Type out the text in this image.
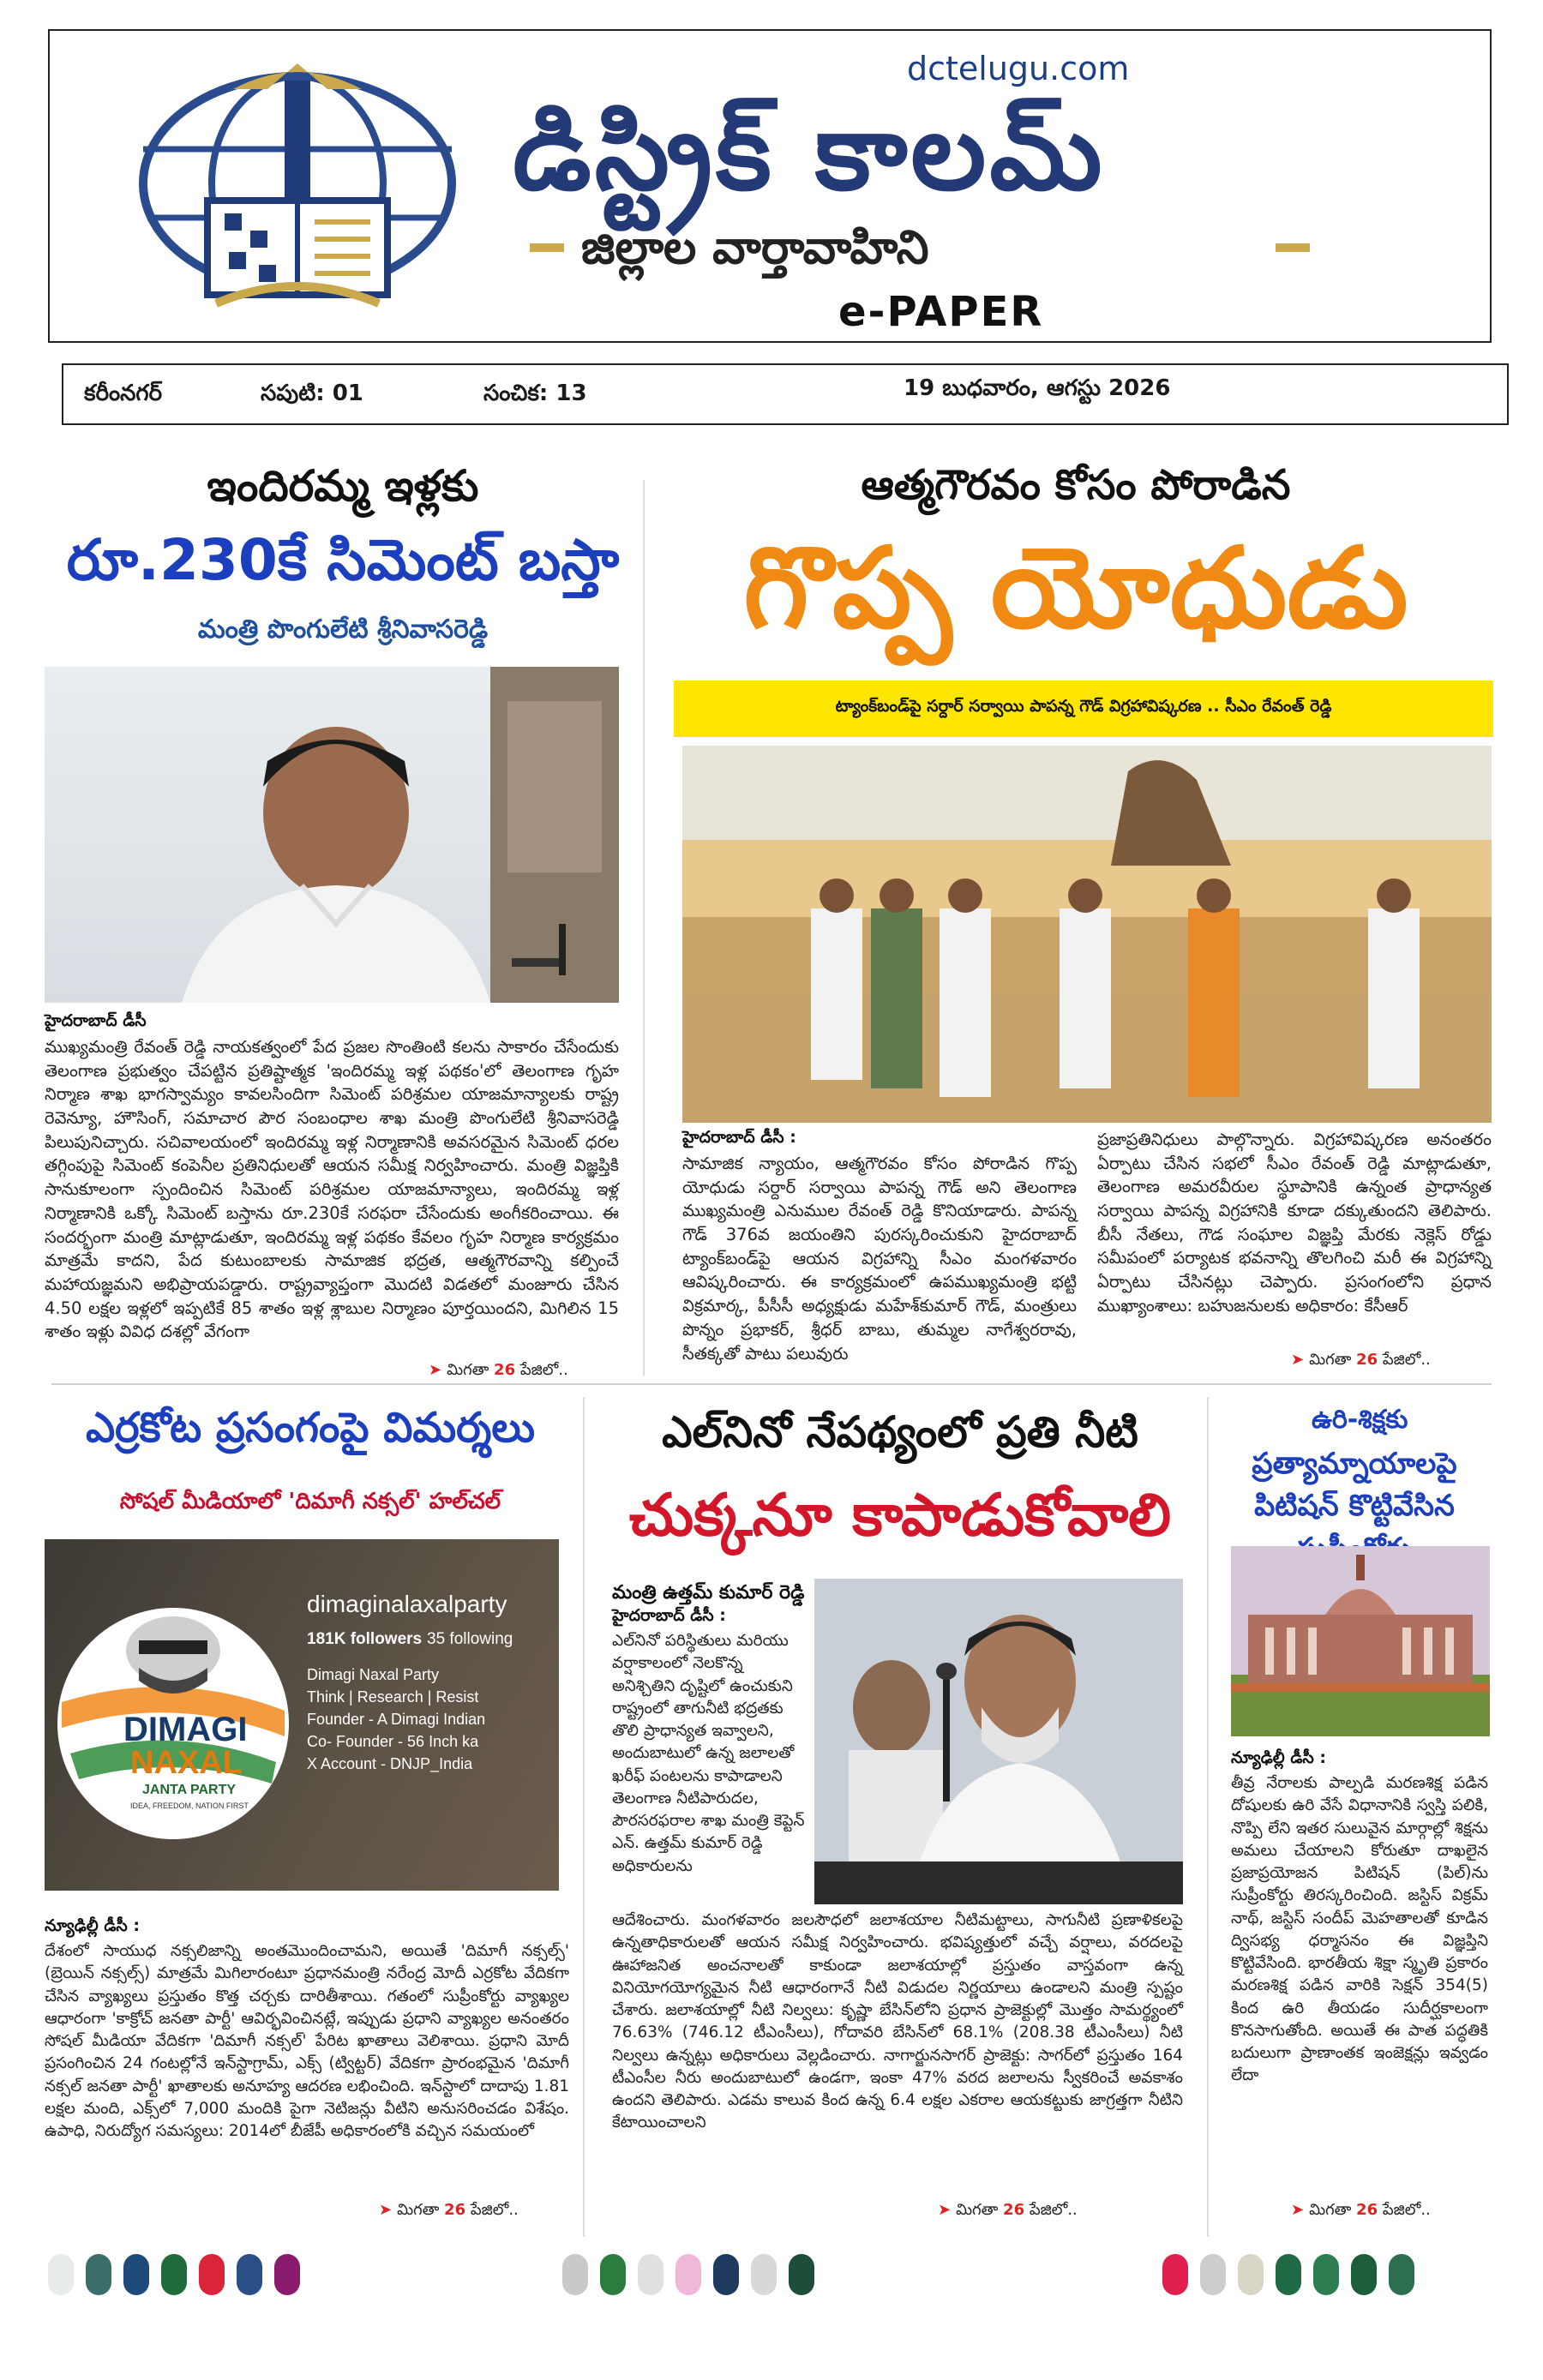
dctelugu.com
డిస్ట్రిక్ కాలమ్
జిల్లాల వార్తావాహిని
e-PAPER
కరీంనగర్	సపుటి: 01	సంచిక: 13	19 బుధవారం, ఆగస్టు 2026
ఇందిరమ్మ ఇళ్లకు
రూ.230కే సిమెంట్ బస్తా
మంత్రి పొంగులేటి శ్రీనివాసరెడ్డి
హైదరాబాద్ డీసీ
ముఖ్యమంత్రి రేవంత్ రెడ్డి నాయకత్వంలో పేద ప్రజల సొంతింటి కలను సాకారం చేసేందుకు తెలంగాణ ప్రభుత్వం చేపట్టిన ప్రతిష్టాత్మక 'ఇందిరమ్మ ఇళ్ల పథకం'లో తెలంగాణ గృహ నిర్మాణ శాఖ భాగస్వామ్యం కావలసిందిగా సిమెంట్ పరిశ్రమల యాజమాన్యాలకు రాష్ట్ర రెవెన్యూ, హౌసింగ్, సమాచార పౌర సంబంధాల శాఖ మంత్రి పొంగులేటి శ్రీనివాసరెడ్డి పిలుపునిచ్చారు. సచివాలయంలో ఇందిరమ్మ ఇళ్ల నిర్మాణానికి అవసరమైన సిమెంట్ ధరల తగ్గింపుపై సిమెంట్ కంపెనీల ప్రతినిధులతో ఆయన సమీక్ష నిర్వహించారు. మంత్రి విజ్ఞప్తికి సానుకూలంగా స్పందించిన సిమెంట్ పరిశ్రమల యాజమాన్యాలు, ఇందిరమ్మ ఇళ్ల నిర్మాణానికి ఒక్కో సిమెంట్ బస్తాను రూ.230కే సరఫరా చేసేందుకు అంగీకరించాయి. ఈ సందర్భంగా మంత్రి మాట్లాడుతూ, ఇందిరమ్మ ఇళ్ల పథకం కేవలం గృహ నిర్మాణ కార్యక్రమం మాత్రమే కాదని, పేద కుటుంబాలకు సామాజిక భద్రత, ఆత్మగౌరవాన్ని కల్పించే మహాయజ్ఞమని అభిప్రాయపడ్డారు. రాష్ట్రవ్యాప్తంగా మొదటి విడతలో మంజూరు చేసిన 4.50 లక్షల ఇళ్లలో ఇప్పటికే 85 శాతం ఇళ్ల శ్లాబుల నిర్మాణం పూర్తయిందని, మిగిలిన 15 శాతం ఇళ్లు వివిధ దశల్లో వేగంగా
➤ మిగతా 26 పేజిలో..
ఆత్మగౌరవం కోసం పోరాడిన
గొప్ప యోధుడు
ట్యాంక్‌బండ్‌పై సర్దార్ సర్వాయి పాపన్న గౌడ్ విగ్రహావిష్కరణ .. సీఎం రేవంత్ రెడ్డి
హైదరాబాద్ డీసీ :
సామాజిక న్యాయం, ఆత్మగౌరవం కోసం పోరాడిన గొప్ప యోధుడు సర్దార్ సర్వాయి పాపన్న గౌడ్ అని తెలంగాణ ముఖ్యమంత్రి ఎనుముల రేవంత్ రెడ్డి కొనియాడారు. పాపన్న గౌడ్ 376వ జయంతిని పురస్కరించుకుని హైదరాబాద్ ట్యాంక్‌బండ్‌పై ఆయన విగ్రహాన్ని సీఎం మంగళవారం ఆవిష్కరించారు. ఈ కార్యక్రమంలో ఉపముఖ్యమంత్రి భట్టి విక్రమార్క, పీసీసీ అధ్యక్షుడు మహేశ్‌కుమార్ గౌడ్, మంత్రులు పొన్నం ప్రభాకర్, శ్రీధర్ బాబు, తుమ్మల నాగేశ్వరరావు, సీతక్కతో పాటు పలువురు
ప్రజాప్రతినిధులు పాల్గొన్నారు. విగ్రహావిష్కరణ అనంతరం ఏర్పాటు చేసిన సభలో సీఎం రేవంత్ రెడ్డి మాట్లాడుతూ, తెలంగాణ అమరవీరుల స్థూపానికి ఉన్నంత ప్రాధాన్యత సర్వాయి పాపన్న విగ్రహానికి కూడా దక్కుతుందని తెలిపారు. బీసీ నేతలు, గౌడ సంఘాల విజ్ఞప్తి మేరకు నెక్లెస్ రోడ్డు సమీపంలో పర్యాటక భవనాన్ని తొలగించి మరీ ఈ విగ్రహాన్ని ఏర్పాటు చేసినట్లు చెప్పారు. ప్రసంగంలోని ప్రధాన ముఖ్యాంశాలు: బహుజనులకు అధికారం: కేసీఆర్
➤ మిగతా 26 పేజిలో..
ఎర్రకోట ప్రసంగంపై విమర్శలు
సోషల్ మీడియాలో 'దిమాగీ నక్సల్' హల్‌చల్
DIMAGI
NAXAL
JANTA PARTY
IDEA, FREEDOM, NATION FIRST
dimaginalaxalparty
181K followers 35 following
Dimagi Naxal Party
Think | Research | Resist
Founder - A Dimagi Indian
Co- Founder - 56 Inch ka
X Account - DNJP_India
న్యూఢిల్లీ డీసీ :
దేశంలో సాయుధ నక్సలిజాన్ని అంతమొందించామని, అయితే 'దిమాగీ నక్సల్స్' (బ్రెయిన్ నక్సల్స్) మాత్రమే మిగిలారంటూ ప్రధానమంత్రి నరేంద్ర మోదీ ఎర్రకోట వేదికగా చేసిన వ్యాఖ్యలు ప్రస్తుతం కొత్త చర్చకు దారితీశాయి. గతంలో సుప్రీంకోర్టు వ్యాఖ్యల ఆధారంగా 'కాక్రోచ్ జనతా పార్టీ' ఆవిర్భవించినట్లే, ఇప్పుడు ప్రధాని వ్యాఖ్యల అనంతరం సోషల్ మీడియా వేదికగా 'దిమాగీ నక్సల్' పేరిట ఖాతాలు వెలిశాయి. ప్రధాని మోదీ ప్రసంగించిన 24 గంటల్లోనే ఇన్‌స్టాగ్రామ్, ఎక్స్ (ట్విట్టర్) వేదికగా ప్రారంభమైన 'దిమాగీ నక్సల్ జనతా పార్టీ' ఖాతాలకు అనూహ్య ఆదరణ లభించింది. ఇన్‌స్టాలో దాదాపు 1.81 లక్షల మంది, ఎక్స్‌లో 7,000 మందికి పైగా నెటిజన్లు వీటిని అనుసరించడం విశేషం. ఉపాధి, నిరుద్యోగ సమస్యలు: 2014లో బీజేపీ అధికారంలోకి వచ్చిన సమయంలో
➤ మిగతా 26 పేజిలో..
ఎల్‌నినో నేపథ్యంలో ప్రతి నీటి
చుక్కనూ కాపాడుకోవాలి
మంత్రి ఉత్తమ్ కుమార్ రెడ్డి
హైదరాబాద్ డీసీ :
ఎల్‌నినో పరిస్థితులు మరియు వర్షాకాలంలో నెలకొన్న అనిశ్చితిని దృష్టిలో ఉంచుకుని రాష్ట్రంలో తాగునీటి భద్రతకు తొలి ప్రాధాన్యత ఇవ్వాలని, అందుబాటులో ఉన్న జలాలతో ఖరీఫ్ పంటలను కాపాడాలని తెలంగాణ నీటిపారుదల, పౌరసరఫరాల శాఖ మంత్రి కెప్టెన్ ఎన్. ఉత్తమ్ కుమార్ రెడ్డి అధికారులను
ఆదేశించారు. మంగళవారం జలసౌధలో జలాశయాల నీటిమట్టాలు, సాగునీటి ప్రణాళికలపై ఉన్నతాధికారులతో ఆయన సమీక్ష నిర్వహించారు. భవిష్యత్తులో వచ్చే వర్షాలు, వరదలపై ఊహాజనిత అంచనాలతో కాకుండా జలాశయాల్లో ప్రస్తుతం వాస్తవంగా ఉన్న వినియోగయోగ్యమైన నీటి ఆధారంగానే నీటి విడుదల నిర్ణయాలు ఉండాలని మంత్రి స్పష్టం చేశారు. జలాశయాల్లో నీటి నిల్వలు: కృష్ణా బేసిన్‌లోని ప్రధాన ప్రాజెక్టుల్లో మొత్తం సామర్థ్యంలో 76.63% (746.12 టీఎంసీలు), గోదావరి బేసిన్‌లో 68.1% (208.38 టీఎంసీలు) నీటి నిల్వలు ఉన్నట్లు అధికారులు వెల్లడించారు. నాగార్జునసాగర్ ప్రాజెక్టు: సాగర్‌లో ప్రస్తుతం 164 టీఎంసీల నీరు అందుబాటులో ఉండగా, ఇంకా 47% వరద జలాలను స్వీకరించే అవకాశం ఉందని తెలిపారు. ఎడమ కాలువ కింద ఉన్న 6.4 లక్షల ఎకరాల ఆయకట్టుకు జాగ్రత్తగా నీటిని కేటాయించాలని
➤ మిగతా 26 పేజిలో..
ఉరి-శిక్షకు
ప్రత్యామ్నాయాలపై పిటిషన్ కొట్టివేసిన
న్యూఢిల్లీ డీసీ :
తీవ్ర నేరాలకు పాల్పడి మరణశిక్ష పడిన దోషులకు ఉరి వేసే విధానానికి స్వస్తి పలికి, నొప్పి లేని ఇతర సులువైన మార్గాల్లో శిక్షను అమలు చేయాలని కోరుతూ దాఖలైన ప్రజాప్రయోజన పిటిషన్ (పిల్)ను సుప్రీంకోర్టు తిరస్కరించింది. జస్టిస్ విక్రమ్ నాథ్, జస్టిస్ సందీప్ మెహతాలతో కూడిన ద్విసభ్య ధర్మాసనం ఈ విజ్ఞప్తిని కొట్టివేసింది. భారతీయ శిక్షా స్మృతి ప్రకారం మరణశిక్ష పడిన వారికి సెక్షన్ 354(5) కింద ఉరి తీయడం సుదీర్ఘకాలంగా కొనసాగుతోంది. అయితే ఈ పాత పద్ధతికి బదులుగా ప్రాణాంతక ఇంజెక్షన్లు ఇవ్వడం లేదా
➤ మిగతా 26 పేజిలో..
